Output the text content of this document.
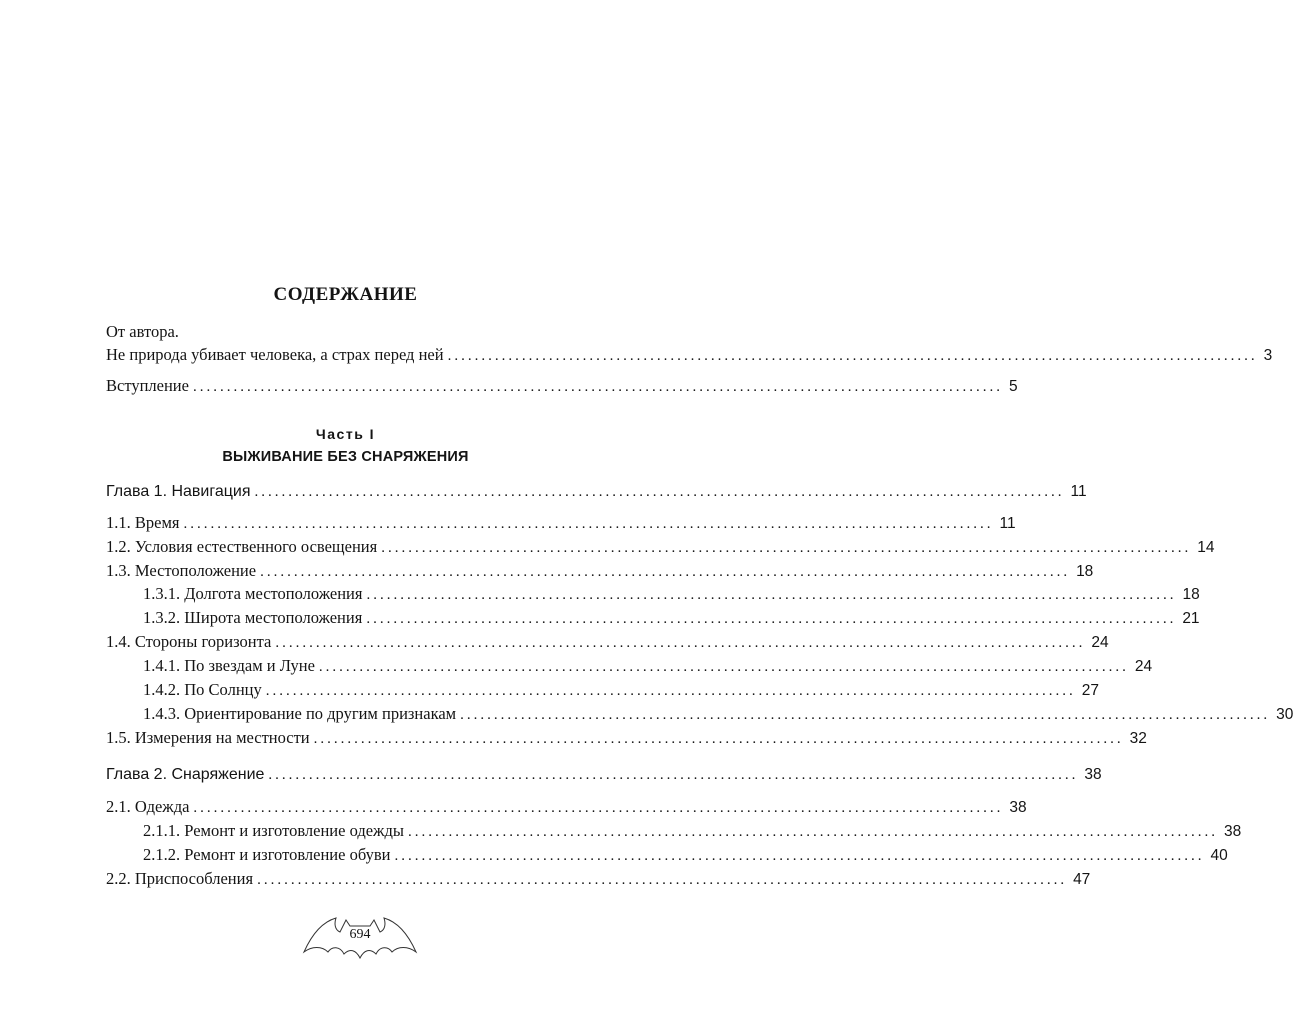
СОДЕРЖАНИЕ
От автора.
Не природа убивает человека, а страх перед ней ........................................................................................................................ 3
Вступление ........................................................................................................................ 5
Часть I
ВЫЖИВАНИЕ БЕЗ СНАРЯЖЕНИЯ
Глава 1. Навигация ........................................................................................................................ 11
1.1. Время ........................................................................................................................ 11
1.2. Условия естественного освещения ........................................................................................................................ 14
1.3. Местоположение ........................................................................................................................ 18
1.3.1. Долгота местоположения ........................................................................................................................ 18
1.3.2. Широта местоположения ........................................................................................................................ 21
1.4. Стороны горизонта ........................................................................................................................ 24
1.4.1. По звездам и Луне ........................................................................................................................ 24
1.4.2. По Солнцу ........................................................................................................................ 27
1.4.3. Ориентирование по другим признакам ........................................................................................................................ 30
1.5. Измерения на местности ........................................................................................................................ 32
Глава 2. Снаряжение ........................................................................................................................ 38
2.1. Одежда ........................................................................................................................ 38
2.1.1. Ремонт и изготовление одежды ........................................................................................................................ 38
2.1.2. Ремонт и изготовление обуви ........................................................................................................................ 40
2.2. Приспособления ........................................................................................................................ 47
694
